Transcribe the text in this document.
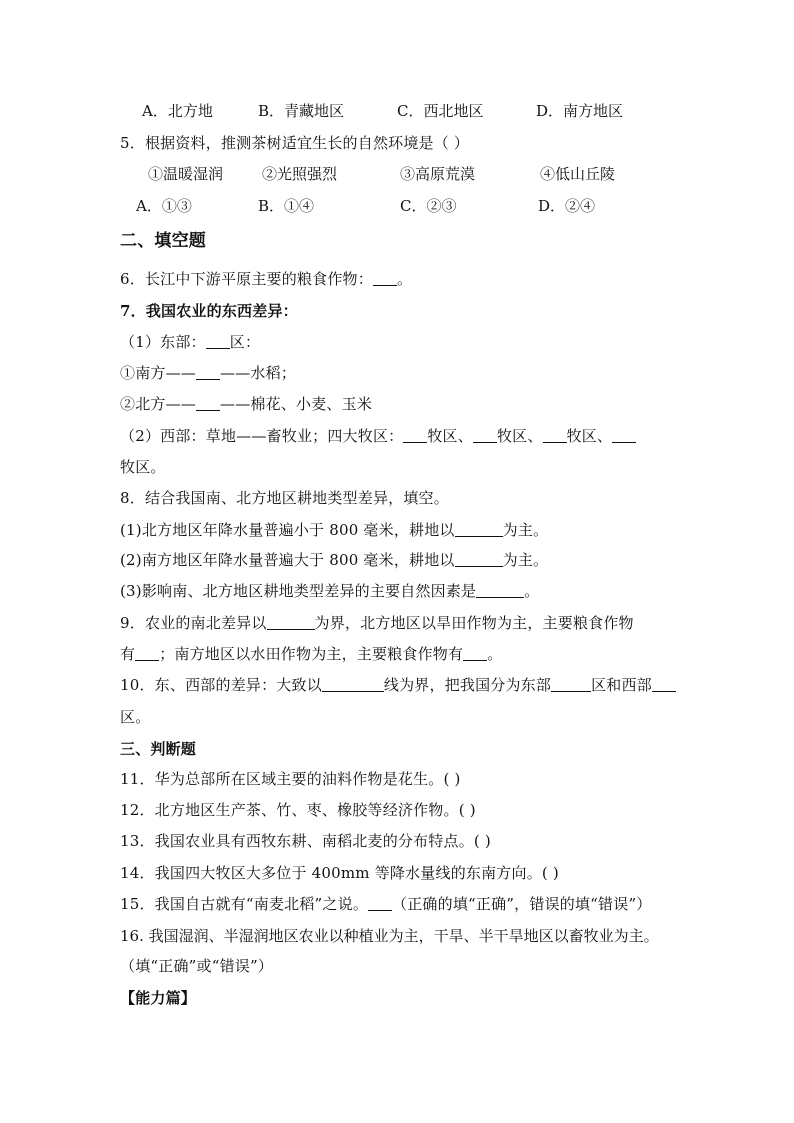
A．北方地	B．青藏地区	C．西北地区	D．南方地区
5．根据资料，推测茶树适宜生长的自然环境是（ ）
①温暖湿润	②光照强烈	③高原荒漠	④低山丘陵
A．①③	B．①④	C．②③	D．②④
二、填空题
6．长江中下游平原主要的粮食作物： 。
7．我国农业的东西差异：
（1）东部： 区：
①南方—— ——水稻；
②北方—— ——棉花、小麦、玉米
（2）西部：草地——畜牧业；四大牧区： 牧区、 牧区、 牧区、
牧区。
8．结合我国南、北方地区耕地类型差异，填空。
(1)北方地区年降水量普遍小于 800 毫米，耕地以	为主。
(2)南方地区年降水量普遍大于 800 毫米，耕地以	为主。
(3)影响南、北方地区耕地类型差异的主要自然因素是	。
9．农业的南北差异以	为界，北方地区以旱田作物为主，主要粮食作物
有 ；南方地区以水田作物为主，主要粮食作物有 。
10．东、西部的差异：大致以	线为界，把我国分为东部	区和西部
区。
三、判断题
11．华为总部所在区域主要的油料作物是花生。( )
12．北方地区生产茶、竹、枣、橡胶等经济作物。( )
13．我国农业具有西牧东耕、南稻北麦的分布特点。( )
14．我国四大牧区大多位于 400mm 等降水量线的东南方向。( )
15．我国自古就有“南麦北稻”之说。 （正确的填“正确”，错误的填“错误”）
16. 我国湿润、半湿润地区农业以种植业为主，干旱、半干旱地区以畜牧业为主。
（填“正确”或“错误”）
【能力篇】
